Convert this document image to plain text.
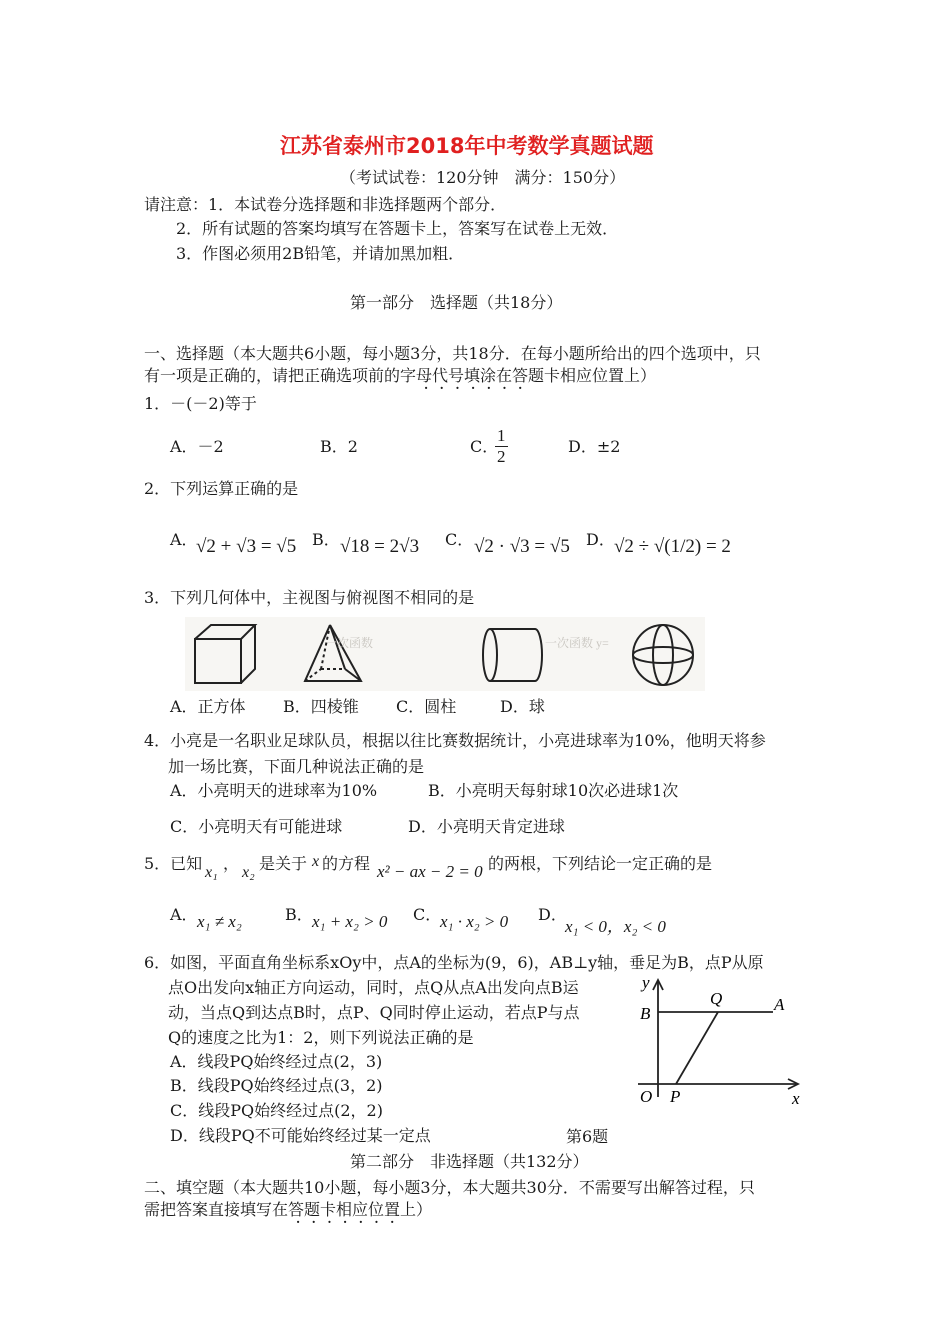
江苏省泰州市2018年中考数学真题试题
（考试试卷：120分钟　满分：150分）
请注意：1．本试卷分选择题和非选择题两个部分．
2．所有试题的答案均填写在答题卡上，答案写在试卷上无效．
3．作图必须用2B铅笔，并请加黑加粗．
第一部分　选择题（共18分）
一、选择题（本大题共6小题，每小题3分，共18分．在每小题所给出的四个选项中，只
有一项是正确的，请把正确选项前的字母代号填涂在答题卡相应位置上）
·······
1．－(－2)等于
A．－2	B．2	C．
$\frac{1}{2}$	D．±2
2．下列运算正确的是
A．
√2 + √3 = √5 B． √18 = 2√3 C． √2 · √3 = √5 D． √2 ÷ √(1/2) = 2
3．下列几何体中，主视图与俯视图不相同的是
一次函数	一次函数 y=
A．正方体 B．四棱锥 C．圆柱	D．球
4．小亮是一名职业足球队员，根据以往比赛数据统计，小亮进球率为10%，他明天将参
加一场比赛，下面几种说法正确的是
A．小亮明天的进球率为10%	B．小亮明天每射球10次必进球1次
C．小亮明天有可能进球	D．小亮明天肯定进球
5．已知 x₁ ， x₂ 是关于 x 的方程 x² − ax − 2 = 0 的两根，下列结论一定正确的是
A． x₁ ≠ x₂	B． x₁ + x₂ > 0 C．
x₁ · x₂ > 0 D．
x₁ < 0，x₂ < 0
6．如图，平面直角坐标系xOy中，点A的坐标为(9，6)，AB⊥y轴，垂足为B，点P从原
点O出发向x轴正方向运动，同时，点Q从点A出发向点B运
动，当点Q到达点B时，点P、Q同时停止运动，若点P与点
Q的速度之比为1：2，则下列说法正确的是
A．线段PQ始终经过点(2，3)
B．线段PQ始终经过点(3，2)
C．线段PQ始终经过点(2，2)
D．线段PQ不可能始终经过某一定点	第6题
y
Q	A
B
O P	x
第二部分　非选择题（共132分）
二、填空题（本大题共10小题，每小题3分，本大题共30分．不需要写出解答过程，只
需把答案直接填写在答题卡相应位置上）
·······
